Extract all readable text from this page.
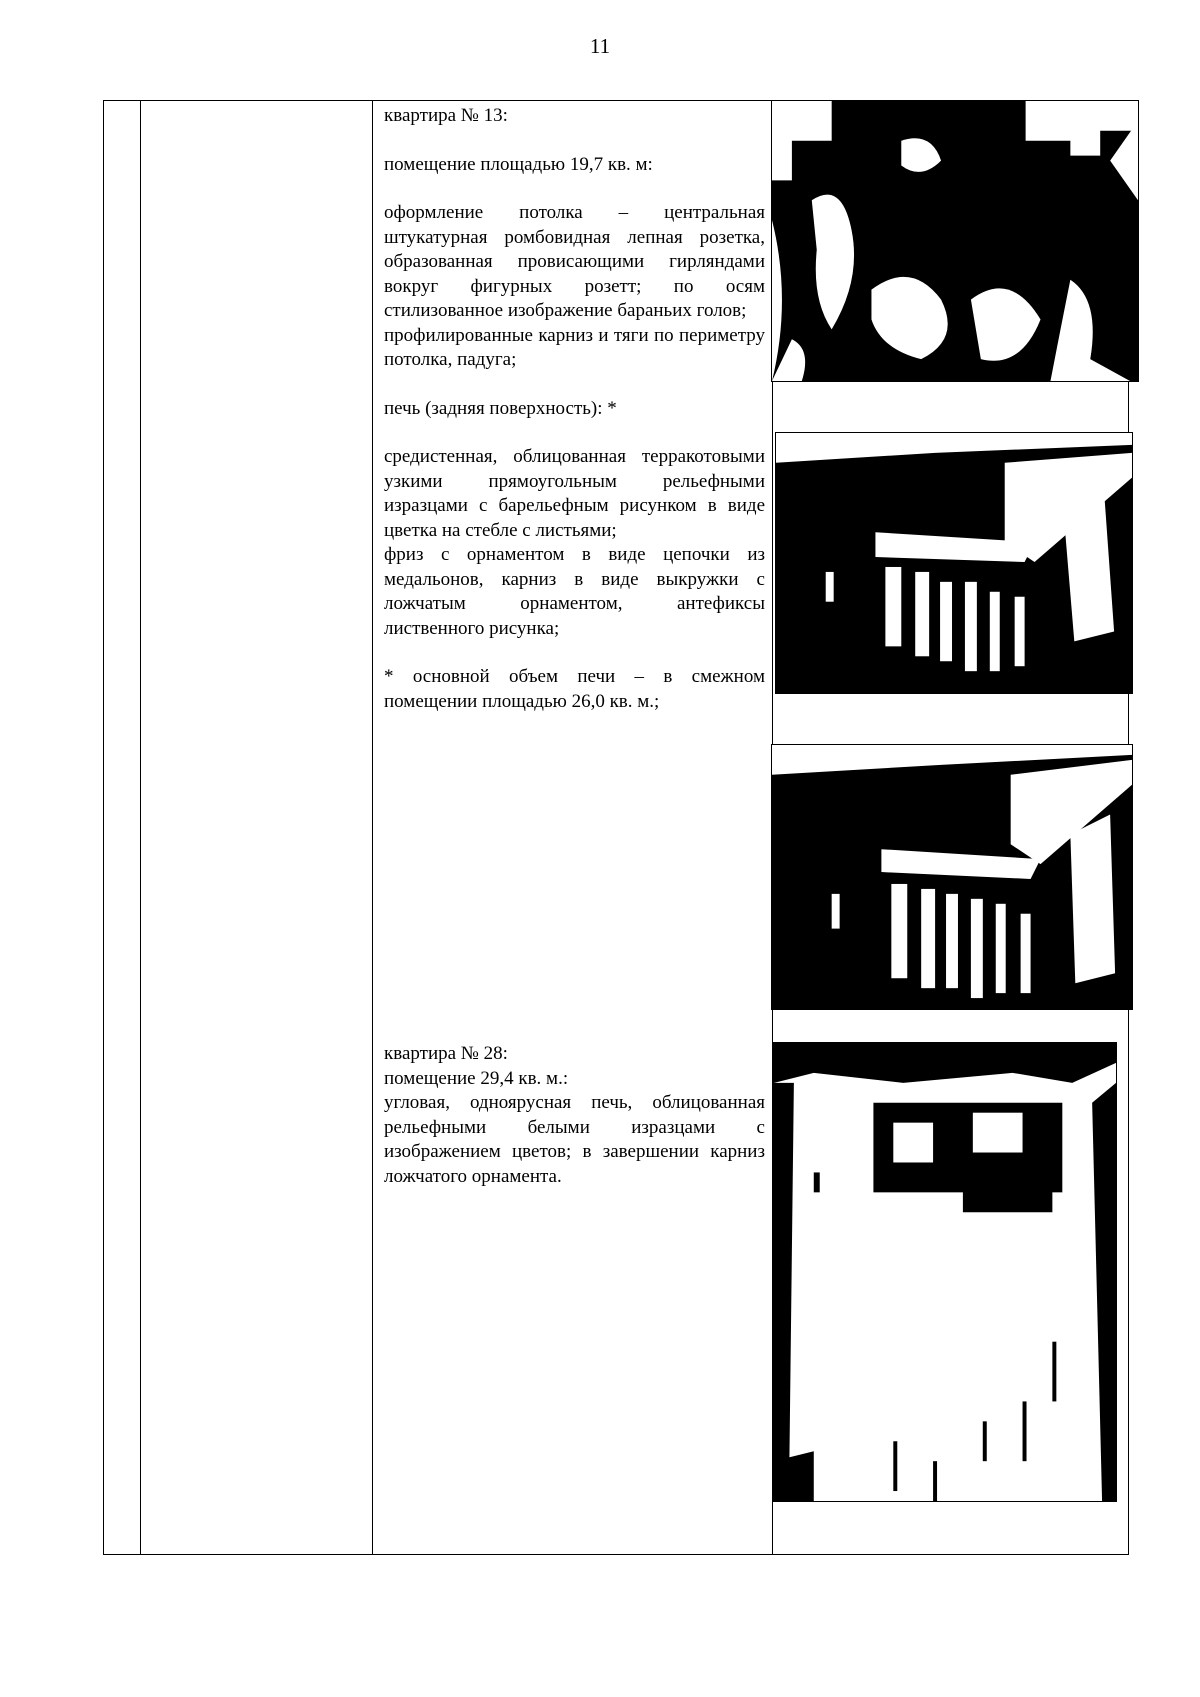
11

квартира № 13:

помещение площадью 19,7 кв. м:

оформление потолка – центральная штукатурная ромбовидная лепная розетка, образованная провисающими гирляндами вокруг фигурных розетт; по осям стилизованное изображение бараньих голов;

профилированные карниз и тяги по периметру потолка, падуга;

печь (задняя поверхность): *

средистенная, облицованная терракотовыми узкими прямоугольным рельефными изразцами с барельефным рисунком в виде цветка на стебле с листьями;

фриз с орнаментом в виде цепочки из медальонов, карниз в виде выкружки с ложчатым орнаментом, антефиксы лиственного рисунка;

* основной объем печи – в смежном помещении площадью 26,0 кв. м.;

квартира № 28:

помещение 29,4 кв. м.:

угловая, одноярусная печь, облицованная рельефными белыми изразцами с изображением цветов; в завершении карниз ложчатого орнамента.
